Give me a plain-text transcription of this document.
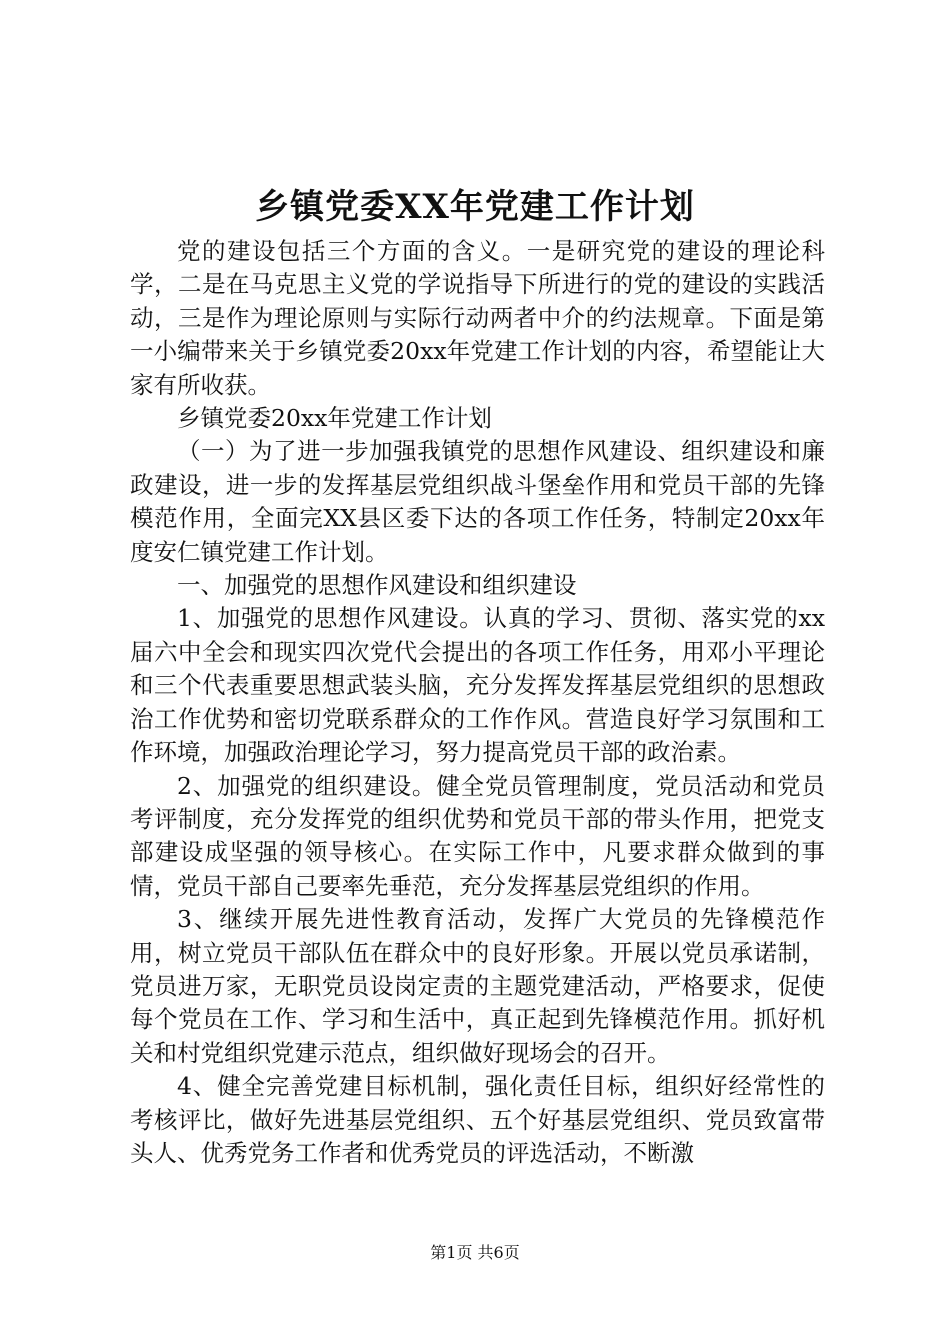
乡镇党委XX年党建工作计划

党的建设包括三个方面的含义。一是研究党的建设的理论科学，二是在马克思主义党的学说指导下所进行的党的建设的实践活动，三是作为理论原则与实际行动两者中介的约法规章。下面是第一小编带来关于乡镇党委20xx年党建工作计划的内容，希望能让大家有所收获。

乡镇党委20xx年党建工作计划

（一）为了进一步加强我镇党的思想作风建设、组织建设和廉政建设，进一步的发挥基层党组织战斗堡垒作用和党员干部的先锋模范作用，全面完XX县区委下达的各项工作任务，特制定20xx年度安仁镇党建工作计划。

一、加强党的思想作风建设和组织建设

1、加强党的思想作风建设。认真的学习、贯彻、落实党的xx届六中全会和现实四次党代会提出的各项工作任务，用邓小平理论和三个代表重要思想武装头脑，充分发挥发挥基层党组织的思想政治工作优势和密切党联系群众的工作作风。营造良好学习氛围和工作环境，加强政治理论学习，努力提高党员干部的政治素。

2、加强党的组织建设。健全党员管理制度，党员活动和党员考评制度，充分发挥党的组织优势和党员干部的带头作用，把党支部建设成坚强的领导核心。在实际工作中，凡要求群众做到的事情，党员干部自己要率先垂范，充分发挥基层党组织的作用。

3、继续开展先进性教育活动，发挥广大党员的先锋模范作用，树立党员干部队伍在群众中的良好形象。开展以党员承诺制，党员进万家，无职党员设岗定责的主题党建活动，严格要求，促使每个党员在工作、学习和生活中，真正起到先锋模范作用。抓好机关和村党组织党建示范点，组织做好现场会的召开。

4、健全完善党建目标机制，强化责任目标，组织好经常性的考核评比，做好先进基层党组织、五个好基层党组织、党员致富带头人、优秀党务工作者和优秀党员的评选活动，不断激

第1页 共6页
